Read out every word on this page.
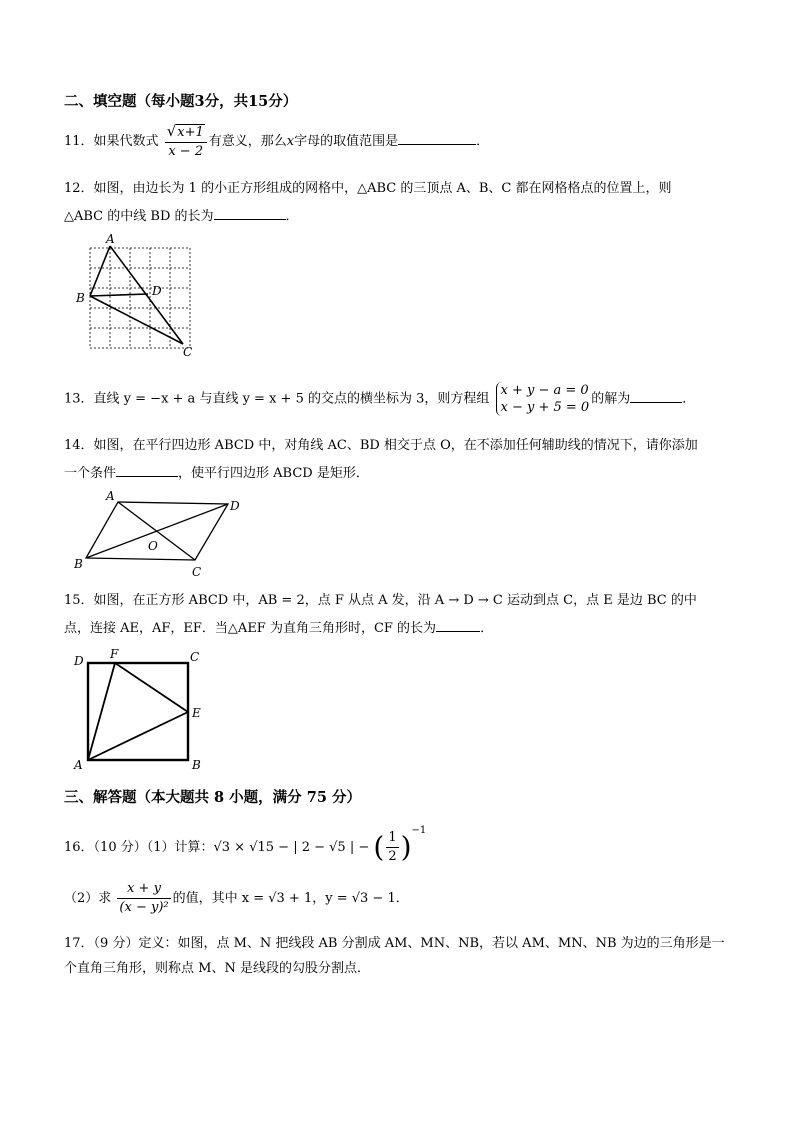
二、填空题（每小题3分，共15分）
11．如果代数式 $\frac{√x+1}{x - 2}$ 有意义，那么x字母的取值范围是	．
12．如图，由边长为 1 的小正方形组成的网格中，△ABC 的三顶点 A、B、C 都在网格格点的位置上，则
△ABC 的中线 BD 的长为	．
A
B
C
D
13．直线 y = −x + a 与直线 y = x + 5 的交点的横坐标为 3，则方程组
x + y − a = 0
x − y + 5 = 0
的解为	．
14．如图，在平行四边形 ABCD 中，对角线 AC、BD 相交于点 O，在不添加任何辅助线的情况下，请你添加
一个条件	，使平行四边形 ABCD 是矩形．
A
D
B
C
O
15．如图，在正方形 ABCD 中，AB = 2，点 F 从点 A 发，沿 A → D → C 运动到点 C，点 E 是边 BC 的中
点，连接 AE，AF，EF．当△AEF 为直角三角形时，CF 的长为	．
D F	C
E
A	B
三、解答题（本大题共 8 小题，满分 75 分）
16．（10 分）（1）计算：√3 × √15 − | 2 − √5 | − ( $\frac{1}{2} )^{-1}$
（2）求 $\frac{x + y}{\text{(x − y)²}}$ 的值，其中 x = √3 + 1，y = √3 − 1．
17．（9 分）定义：如图，点 M、N 把线段 AB 分割成 AM、MN、NB，若以 AM、MN、NB 为边的三角形是一
个直角三角形，则称点 M、N 是线段的勾股分割点．
